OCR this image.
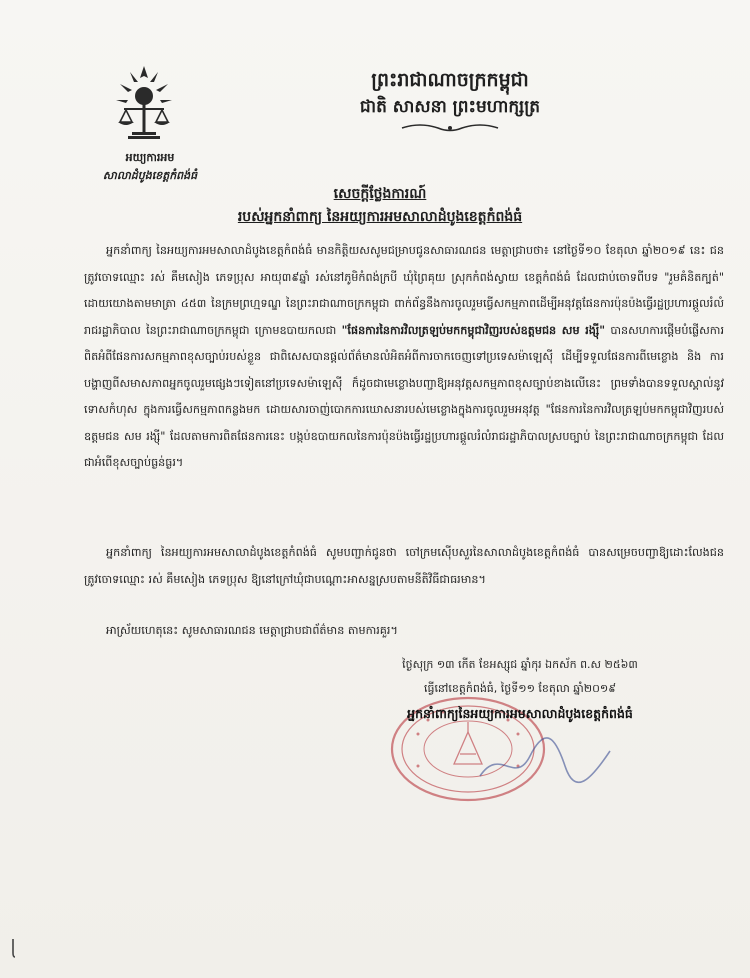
អយ្យការអម
សាលាដំបូងខេត្តកំពង់ធំ
ព្រះរាជាណាចក្រកម្ពុជា
ជាតិ សាសនា ព្រះមហាក្សត្រ
សេចក្តីថ្លែងការណ៍
របស់អ្នកនាំពាក្យ នៃអយ្យការអមសាលាដំបូងខេត្តកំពង់ធំ

អ្នកនាំពាក្យ នៃអយ្យការអមសាលាដំបូងខេត្តកំពង់ធំ មានកិត្តិយសសូមជម្រាបជូនសាធារណជន មេត្តាជ្រាបថា៖ នៅថ្ងៃទី១០ ខែតុលា ឆ្នាំ២០១៩ នេះ ជនត្រូវចោទឈ្មោះ រស់ គឹមសៀង ភេទប្រុស អាយុ៣៩ឆ្នាំ រស់នៅភូមិកំពង់ក្របី ឃុំព្រៃគុយ ស្រុកកំពង់ស្វាយ ខេត្តកំពង់ធំ ដែលជាប់ចោទពីបទ "រួមគំនិតក្បត់" ដោយយោងតាមមាត្រា ៤៥៣ នៃក្រមព្រហ្មទណ្ឌ នៃព្រះរាជាណាចក្រកម្ពុជា ពាក់ព័ន្ធនឹងការចូលរួមធ្វើសកម្មភាពដើម្បីអនុវត្តផែនការប៉ុនប៉ងធ្វើរដ្ឋប្រហារផ្តួលរំលំរាជរដ្ឋាភិបាល នៃព្រះរាជាណាចក្រកម្ពុជា ក្រោមឧបាយកលជា "ផែនការនៃការវិលត្រឡប់មកកម្ពុជាវិញរបស់ឧត្តមជន សម រង្ស៊ី" បានសហការផ្តើមបំផ្លើសការពិតអំពីផែនការសកម្មភាពខុសច្បាប់របស់ខ្លួន ជាពិសេសបានផ្តល់ព័ត៌មានលំអិតអំពីការចាកចេញទៅប្រទេសម៉ាឡេស៊ី ដើម្បីទទួលផែនការពីមេខ្លោង និង ការបង្ហាញពីសមាសភាពអ្នកចូលរួមផ្សេងៗទៀតនៅប្រទេសម៉ាឡេស៊ី ក៏ដូចជាមេខ្លោងបញ្ជាឱ្យអនុវត្តសកម្មភាពខុសច្បាប់ខាងលើនេះ ព្រមទាំងបានទទួលស្គាល់នូវទោសកំហុស ក្នុងការធ្វើសកម្មភាពកន្លងមក ដោយសារចាញ់បោកការឃោសនារបស់មេខ្លោងក្នុងការចូលរួមអនុវត្ត "ផែនការនៃការវិលត្រឡប់មកកម្ពុជាវិញរបស់ឧត្តមជន សម រង្ស៊ី" ដែលតាមការពិតផែនការនេះ បង្កប់ឧបាយកលនៃការប៉ុនប៉ងធ្វើរដ្ឋប្រហារផ្តួលរំលំរាជរដ្ឋាភិបាលស្របច្បាប់ នៃព្រះរាជាណាចក្រកម្ពុជា ដែលជាអំពើខុសច្បាប់ធ្ងន់ធ្ងរ។

អ្នកនាំពាក្យ នៃអយ្យការអមសាលាដំបូងខេត្តកំពង់ធំ សូមបញ្ជាក់ជូនថា ចៅក្រមស៊ើបសួរនៃសាលាដំបូងខេត្តកំពង់ធំ បានសម្រេចបញ្ជាឱ្យដោះលែងជនត្រូវចោទឈ្មោះ រស់ គឹមសៀង ភេទប្រុស ឱ្យនៅក្រៅឃុំជាបណ្តោះអាសន្នស្របតាមនីតិវិធីជាធរមាន។

អាស្រ័យហេតុនេះ សូមសាធារណជន មេត្តាជ្រាបជាព័ត៌មាន តាមការគួរ។

ថ្ងៃសុក្រ ១៣ កើត ខែអស្សុជ ឆ្នាំកុរ ឯកស័ក ព.ស ២៥៦៣
ធ្វើនៅខេត្តកំពង់ធំ, ថ្ងៃទី១១ ខែតុលា ឆ្នាំ២០១៩
អ្នកនាំពាក្យនៃអយ្យការអមសាលាដំបូងខេត្តកំពង់ធំ
